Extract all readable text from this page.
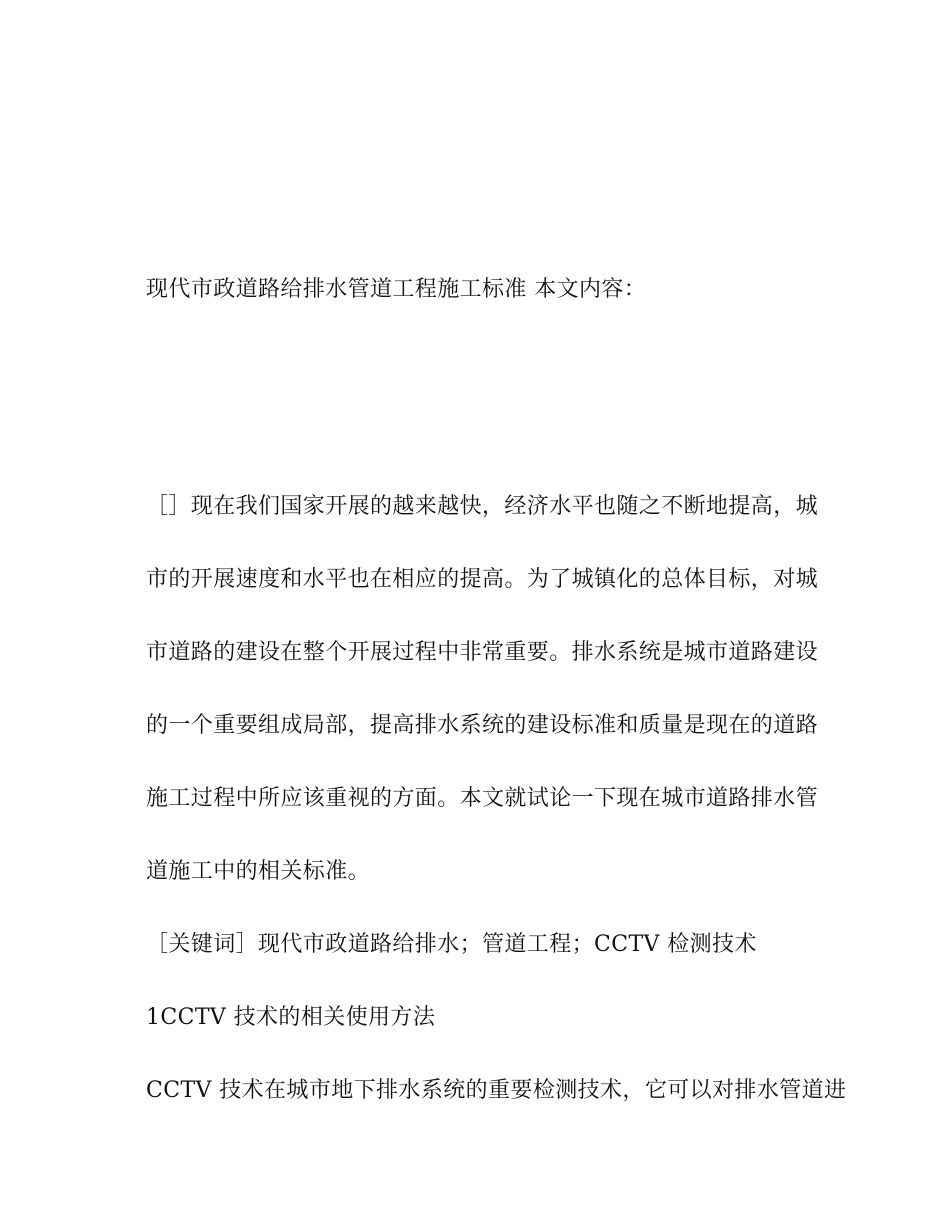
现代市政道路给排水管道工程施工标准 本文内容：
［］现在我们国家开展的越来越快，经济水平也随之不断地提高，城
市的开展速度和水平也在相应的提高。为了城镇化的总体目标，对城
市道路的建设在整个开展过程中非常重要。排水系统是城市道路建设
的一个重要组成局部，提高排水系统的建设标准和质量是现在的道路
施工过程中所应该重视的方面。本文就试论一下现在城市道路排水管
道施工中的相关标准。
［关键词］现代市政道路给排水；管道工程；CCTV 检测技术
1CCTV 技术的相关使用方法
CCTV 技术在城市地下排水系统的重要检测技术，它可以对排水管道进
